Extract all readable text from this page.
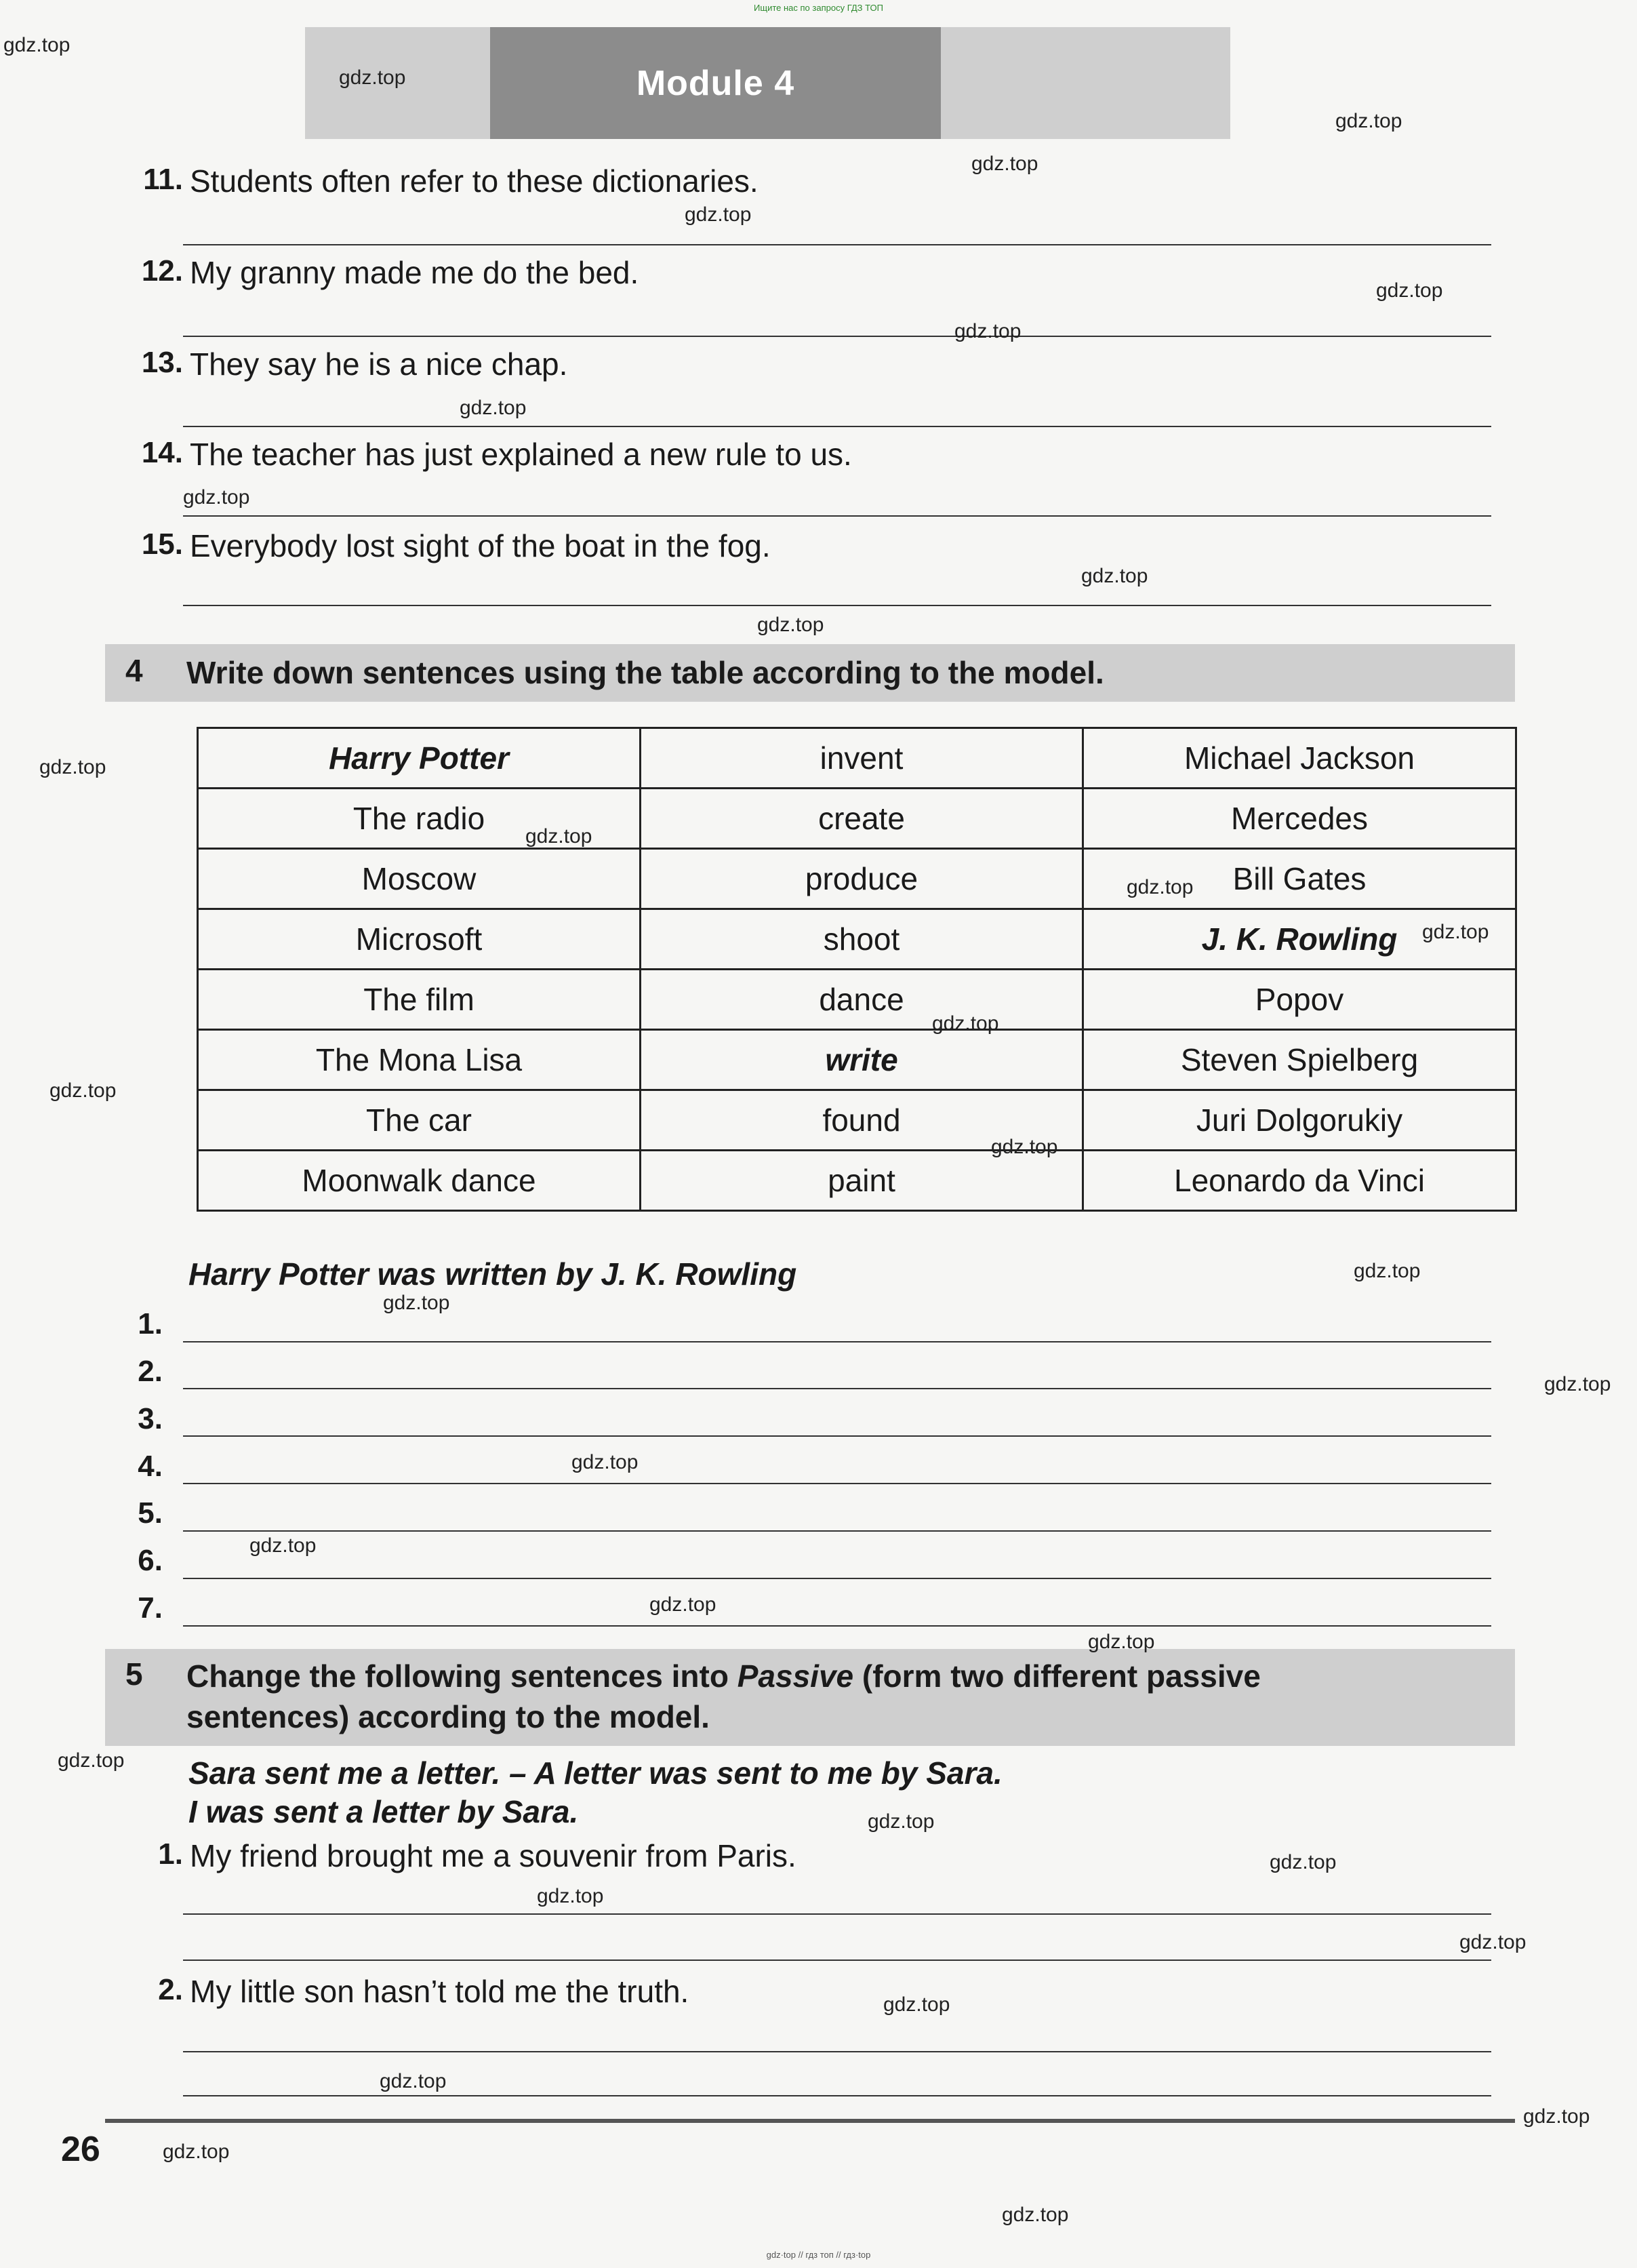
Ищите нас по запросу ГДЗ ТОП
Module 4
11. Students often refer to these dictionaries.
12. My granny made me do the bed.
13. They say he is a nice chap.
14. The teacher has just explained a new rule to us.
15. Everybody lost sight of the boat in the fog.
4 Write down sentences using the table according to the model.
Harry Potter	invent	Michael Jackson
The radio	create	Mercedes
Moscow	produce	Bill Gates
Microsoft	shoot	J. K. Rowling
The film	dance	Popov
The Mona Lisa	write	Steven Spielberg
The car	found	Juri Dolgorukiy
Moonwalk dance	paint	Leonardo da Vinci
Harry Potter was written by J. K. Rowling
1.
2.
3.
4.
5.
6.
7.
5 Change the following sentences into Passive (form two different passive
sentences) according to the model.
Sara sent me a letter. – A letter was sent to me by Sara.
I was sent a letter by Sara.
1. My friend brought me a souvenir from Paris.
2. My little son hasn’t told me the truth.
26
gdz·top // гдз топ // гдз·top
gdz.top
gdz.top
gdz.top
gdz.top
gdz.top
gdz.top
gdz.top
gdz.top
gdz.top
gdz.top
gdz.top
gdz.top
gdz.top
gdz.top
gdz.top
gdz.top
gdz.top
gdz.top
gdz.top
gdz.top
gdz.top
gdz.top
gdz.top
gdz.top
gdz.top
gdz.top
gdz.top
gdz.top
gdz.top
gdz.top
gdz.top
gdz.top
gdz.top
gdz.top
gdz.top
